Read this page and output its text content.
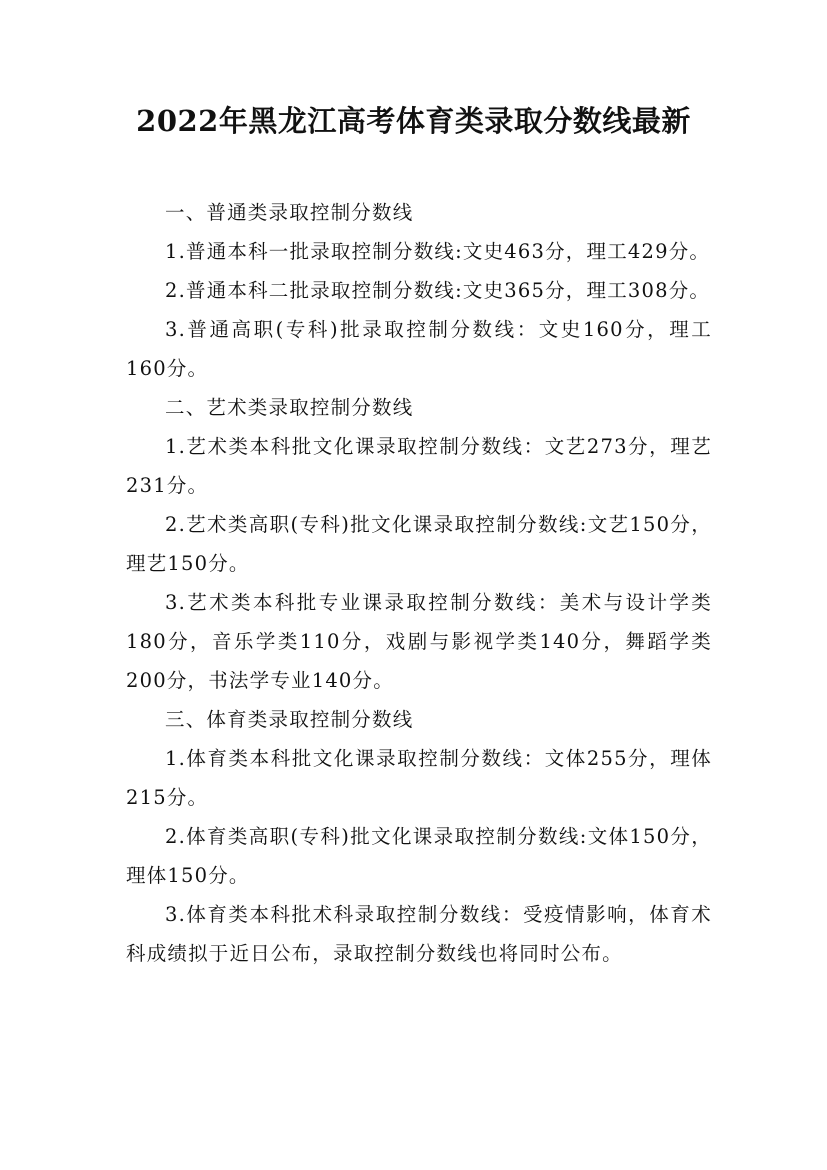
2022年黑龙江高考体育类录取分数线最新

一、普通类录取控制分数线

1.普通本科一批录取控制分数线:文史463分，理工429分。

2.普通本科二批录取控制分数线:文史365分，理工308分。

3.普通高职(专科)批录取控制分数线：文史160分，理工160分。

二、艺术类录取控制分数线

1.艺术类本科批文化课录取控制分数线：文艺273分，理艺231分。

2.艺术类高职(专科)批文化课录取控制分数线:文艺150分，理艺150分。

3.艺术类本科批专业课录取控制分数线：美术与设计学类180分，音乐学类110分，戏剧与影视学类140分，舞蹈学类200分，书法学专业140分。

三、体育类录取控制分数线

1.体育类本科批文化课录取控制分数线：文体255分，理体215分。

2.体育类高职(专科)批文化课录取控制分数线:文体150分，理体150分。

3.体育类本科批术科录取控制分数线：受疫情影响，体育术科成绩拟于近日公布，录取控制分数线也将同时公布。
